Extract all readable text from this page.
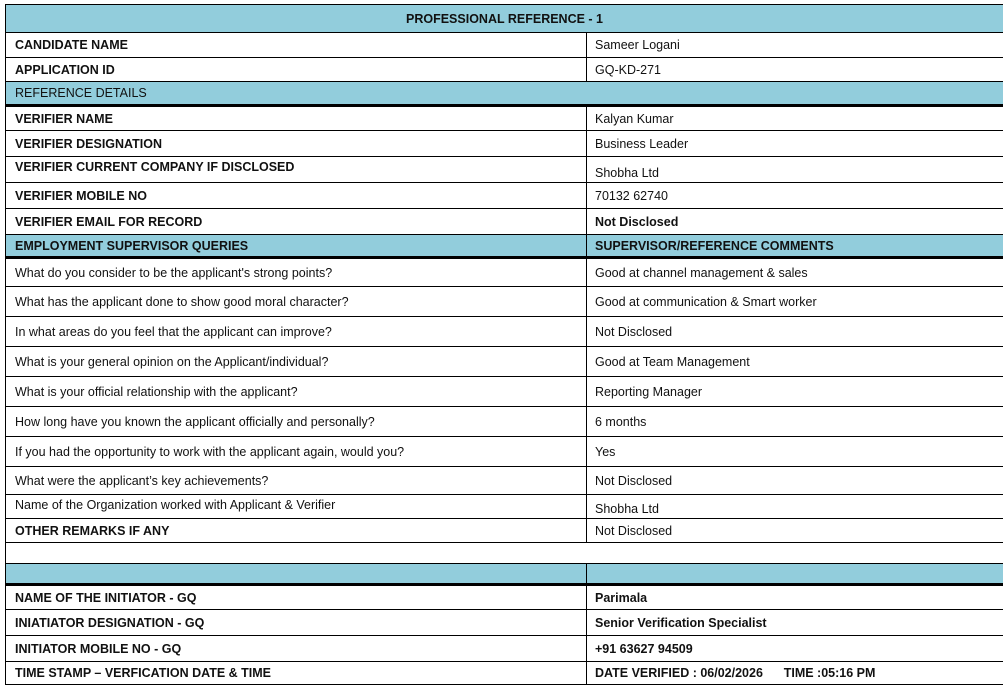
PROFESSIONAL REFERENCE - 1
CANDIDATE NAME	Sameer Logani
APPLICATION ID	GQ-KD-271
REFERENCE DETAILS
VERIFIER NAME	Kalyan Kumar
VERIFIER DESIGNATION	Business Leader
VERIFIER CURRENT COMPANY IF DISCLOSED	Shobha Ltd
VERIFIER MOBILE NO	70132 62740
VERIFIER EMAIL FOR RECORD	Not Disclosed
EMPLOYMENT SUPERVISOR QUERIES	SUPERVISOR/REFERENCE COMMENTS
What do you consider to be the applicant's strong points?	Good at channel management & sales
What has the applicant done to show good moral character?	Good at communication & Smart worker
In what areas do you feel that the applicant can improve?	Not Disclosed
What is your general opinion on the Applicant/individual?	Good at Team Management
What is your official relationship with the applicant?	Reporting Manager
How long have you known the applicant officially and personally?	6 months
If you had the opportunity to work with the applicant again, would you?	Yes
What were the applicant’s key achievements?	Not Disclosed
Name of the Organization worked with Applicant & Verifier	Shobha Ltd
OTHER REMARKS IF ANY	Not Disclosed
NAME OF THE INITIATOR - GQ	Parimala
INIATIATOR DESIGNATION - GQ	Senior Verification Specialist
INITIATOR MOBILE NO - GQ	+91 63627 94509
TIME STAMP – VERFICATION DATE & TIME	DATE VERIFIED : 06/02/2026      TIME :05:16 PM
